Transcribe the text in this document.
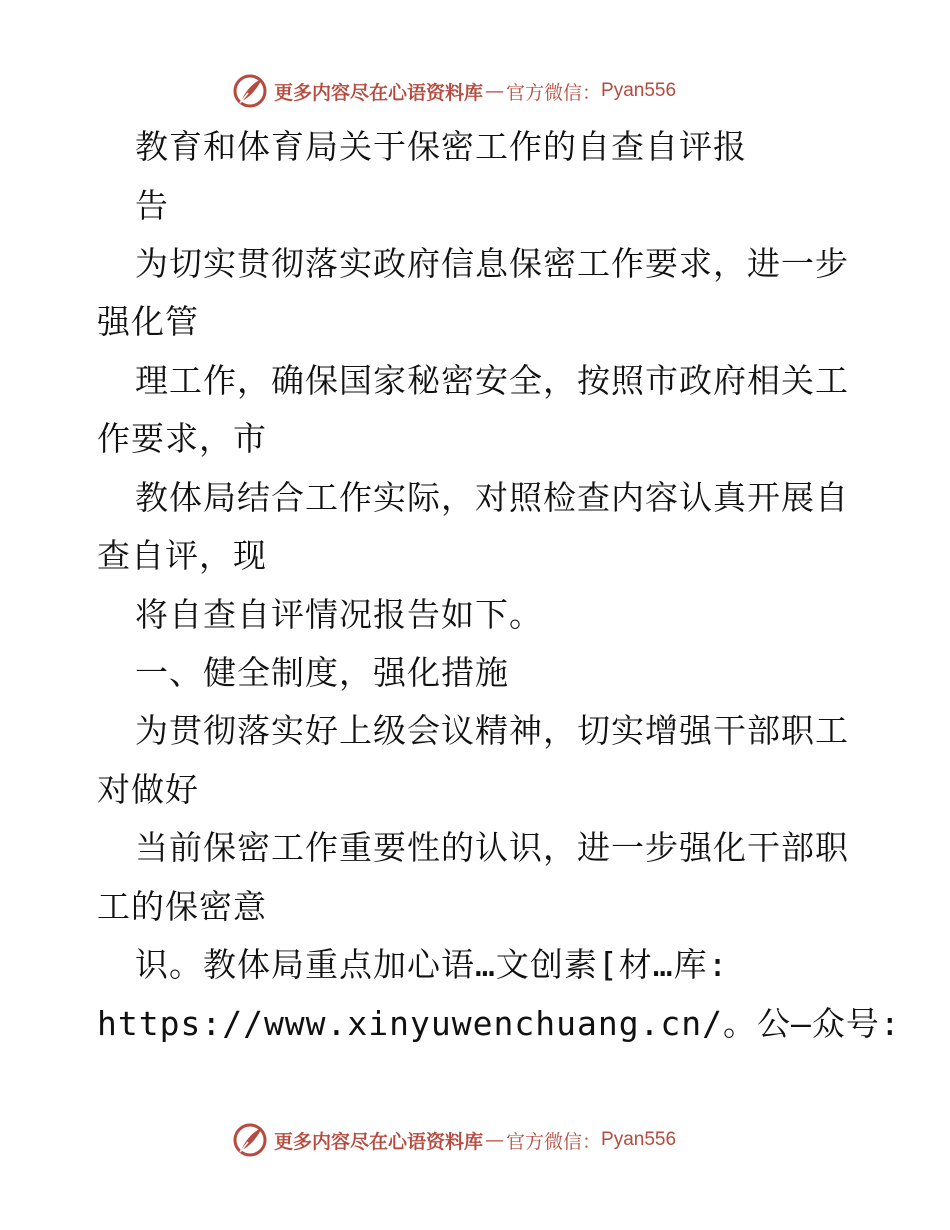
更多内容尽在心语资料库 — 官方微信： Pyan556
教育和体育局关于保密工作的自查自评报
告
为切实贯彻落实政府信息保密工作要求，进一步
强化管
理工作，确保国家秘密安全，按照市政府相关工
作要求，市
教体局结合工作实际，对照检查内容认真开展自
查自评，现
将自查自评情况报告如下。
一、健全制度，强化措施
为贯彻落实好上级会议精神，切实增强干部职工
对做好
当前保密工作重要性的认识，进一步强化干部职
工的保密意
识。教体局重点加心语…文创素[材…库:
https://www.xinyuwenchuang.cn/。公—众号:
更多内容尽在心语资料库 — 官方微信： Pyan556
